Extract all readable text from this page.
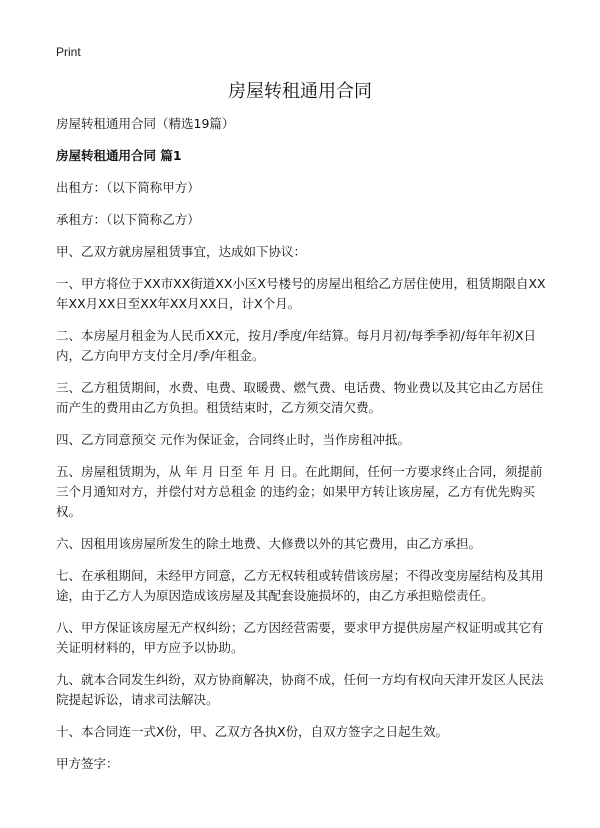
Print
房屋转租通用合同

房屋转租通用合同（精选19篇）

房屋转租通用合同 篇1

出租方：（以下简称甲方）

承租方：（以下简称乙方）

甲、乙双方就房屋租赁事宜，达成如下协议：

一、甲方将位于XX市XX街道XX小区X号楼号的房屋出租给乙方居住使用，租赁期限自XX年XX月XX日至XX年XX月XX日，计X个月。

二、本房屋月租金为人民币XX元，按月/季度/年结算。每月月初/每季季初/每年年初X日内，乙方向甲方支付全月/季/年租金。

三、乙方租赁期间，水费、电费、取暖费、燃气费、电话费、物业费以及其它由乙方居住而产生的费用由乙方负担。租赁结束时，乙方须交清欠费。

四、乙方同意预交 元作为保证金，合同终止时，当作房租冲抵。

五、房屋租赁期为，从 年 月 日至 年 月 日。在此期间，任何一方要求终止合同，须提前三个月通知对方，并偿付对方总租金 的违约金；如果甲方转让该房屋，乙方有优先购买权。

六、因租用该房屋所发生的除土地费、大修费以外的其它费用，由乙方承担。

七、在承租期间，未经甲方同意，乙方无权转租或转借该房屋；不得改变房屋结构及其用途，由于乙方人为原因造成该房屋及其配套设施损坏的，由乙方承担赔偿责任。

八、甲方保证该房屋无产权纠纷；乙方因经营需要，要求甲方提供房屋产权证明或其它有关证明材料的，甲方应予以协助。

九、就本合同发生纠纷，双方协商解决，协商不成，任何一方均有权向天津开发区人民法院提起诉讼，请求司法解决。

十、本合同连一式X份，甲、乙双方各执X份，自双方签字之日起生效。

甲方签字：
